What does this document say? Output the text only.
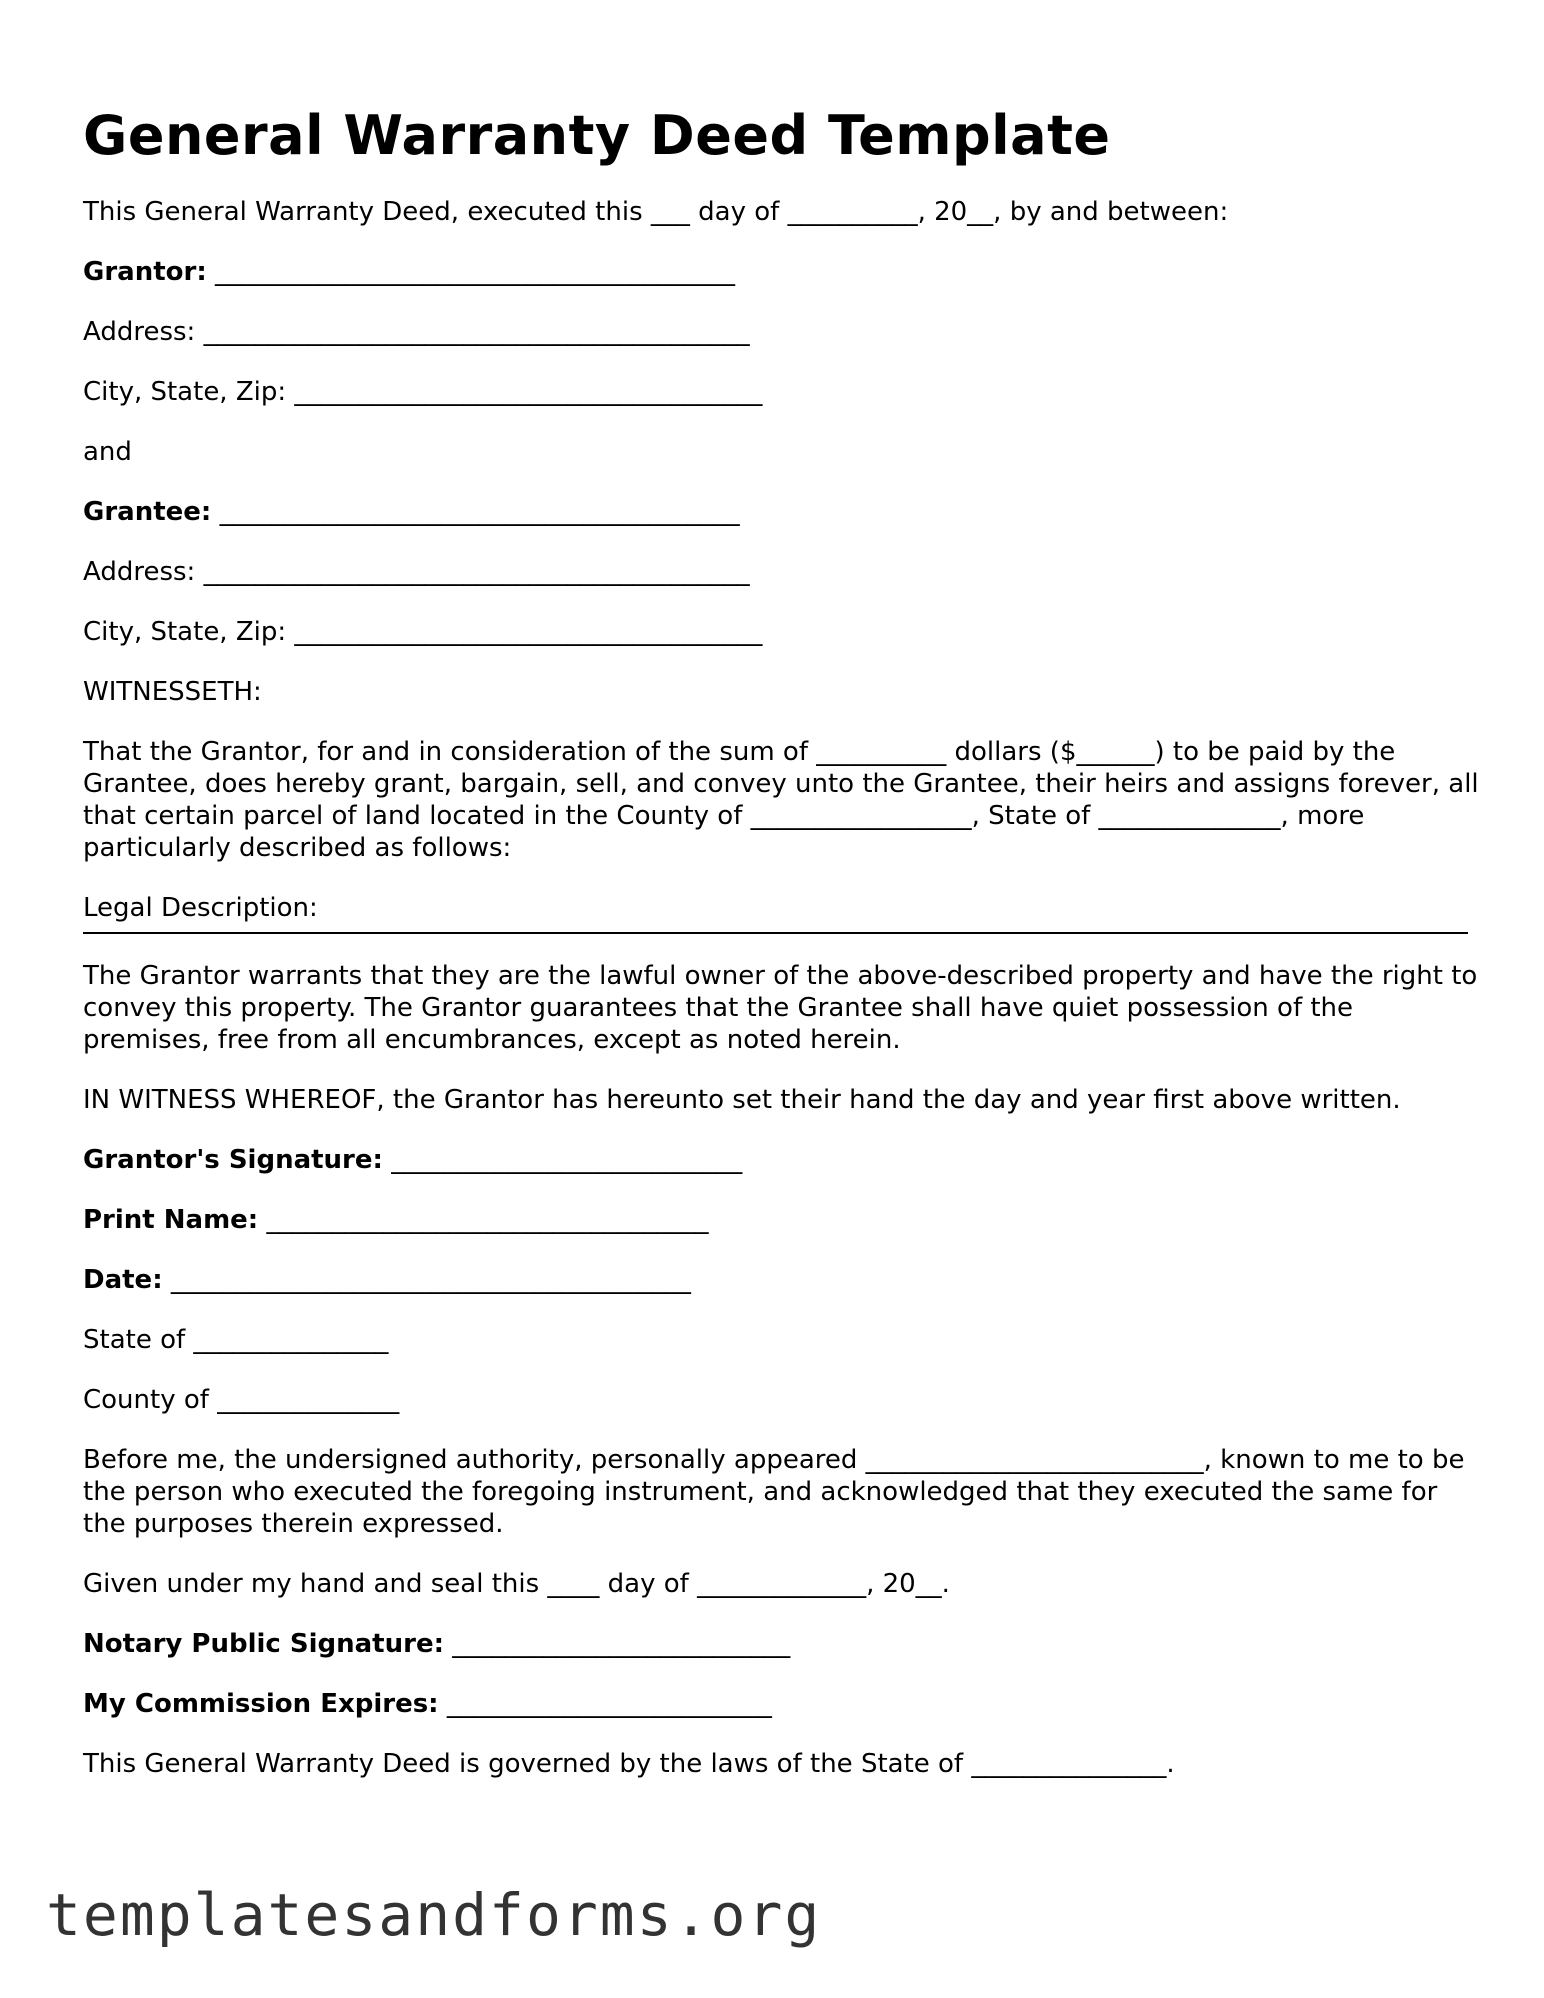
General Warranty Deed Template

This General Warranty Deed, executed this ___ day of __________, 20__, by and between:

Grantor: ________________________________________

Address: __________________________________________

City, State, Zip: ____________________________________

and

Grantee: ________________________________________

Address: __________________________________________

City, State, Zip: ____________________________________

WITNESSETH:

That the Grantor, for and in consideration of the sum of __________ dollars ($______) to be paid by the Grantee, does hereby grant, bargain, sell, and convey unto the Grantee, their heirs and assigns forever, all that certain parcel of land located in the County of _________________, State of ______________, more particularly described as follows:

Legal Description:

The Grantor warrants that they are the lawful owner of the above-described property and have the right to convey this property. The Grantor guarantees that the Grantee shall have quiet possession of the premises, free from all encumbrances, except as noted herein.

IN WITNESS WHEREOF, the Grantor has hereunto set their hand the day and year first above written.

Grantor's Signature: ___________________________

Print Name: __________________________________

Date: ________________________________________

State of _______________

County of ______________

Before me, the undersigned authority, personally appeared __________________________, known to me to be the person who executed the foregoing instrument, and acknowledged that they executed the same for the purposes therein expressed.

Given under my hand and seal this ____ day of _____________, 20__.

Notary Public Signature: __________________________

My Commission Expires: _________________________

This General Warranty Deed is governed by the laws of the State of _______________.

templatesandforms.org
